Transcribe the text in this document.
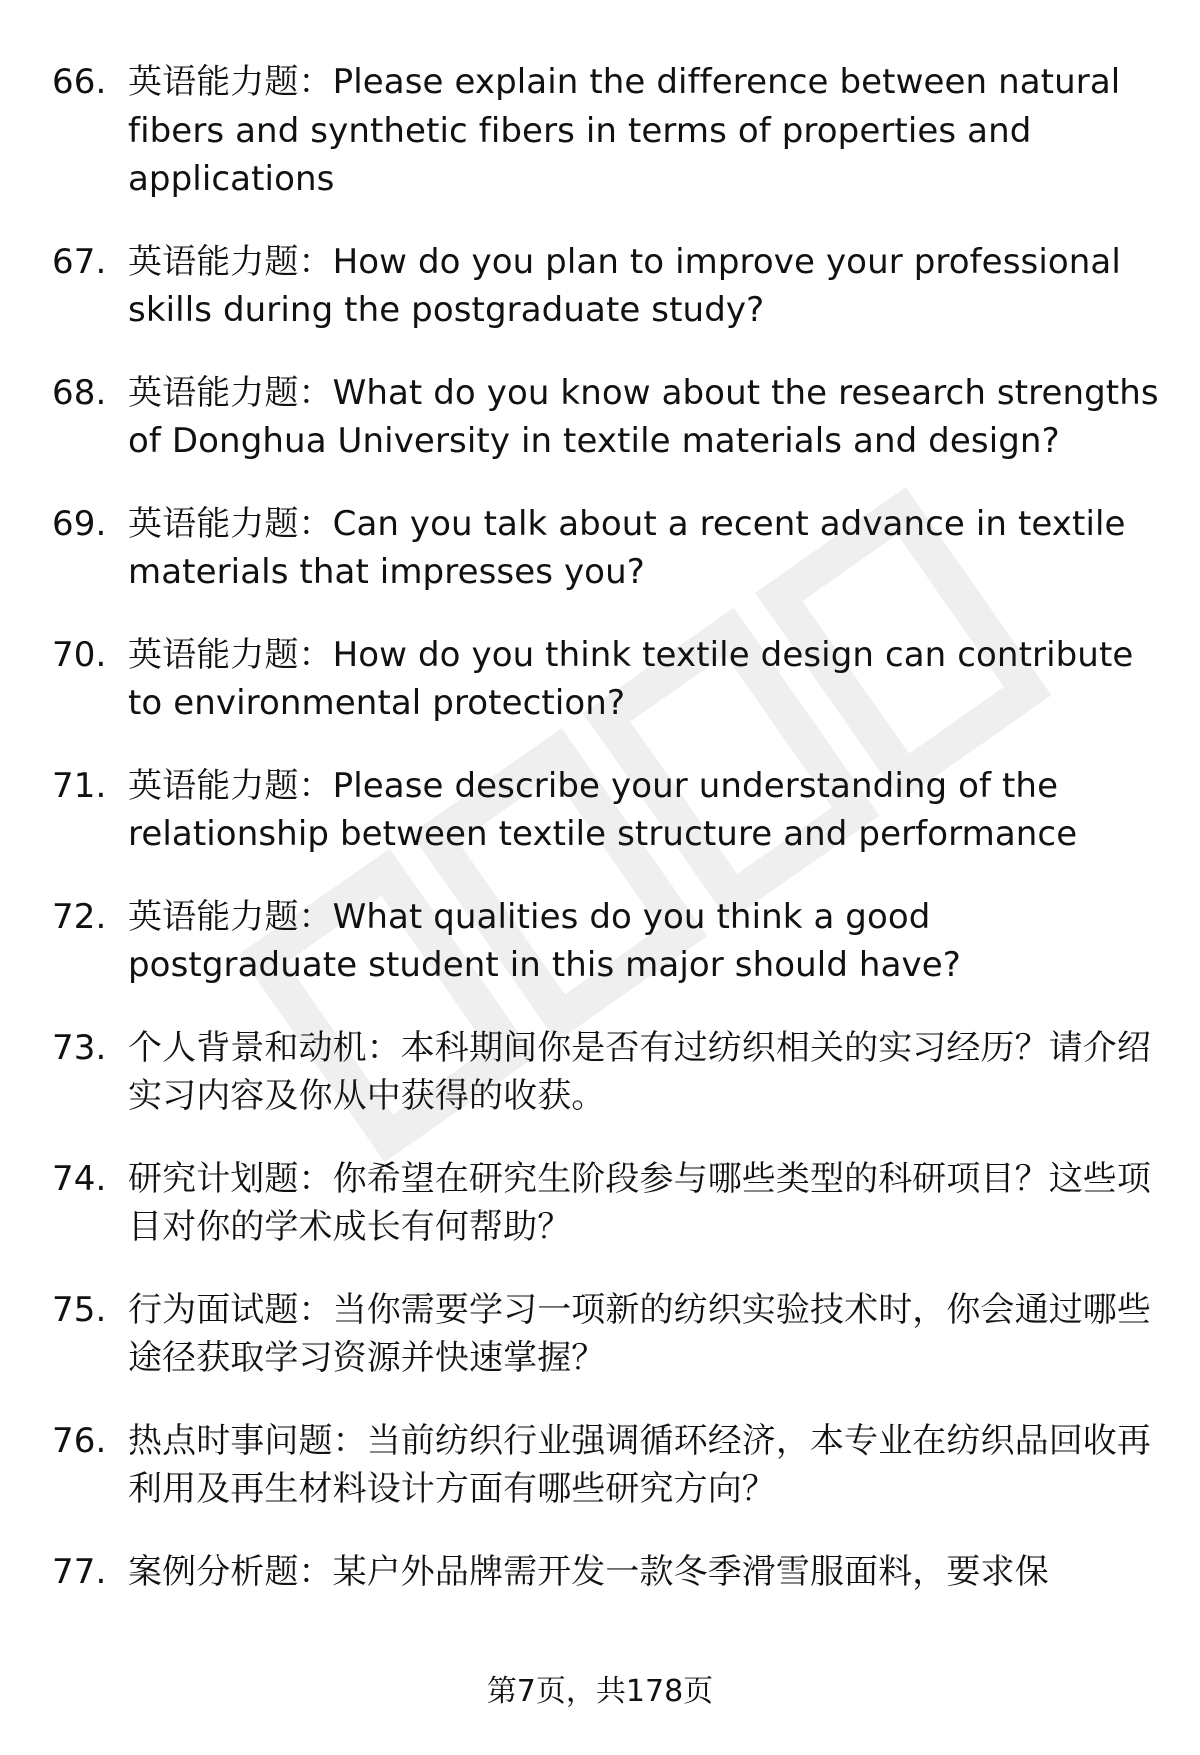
66. 英语能力题：Please explain the difference between natural fibers and synthetic fibers in terms of properties and applications
67. 英语能力题：How do you plan to improve your professional skills during the postgraduate study?
68. 英语能力题：What do you know about the research strengths of Donghua University in textile materials and design?
69. 英语能力题：Can you talk about a recent advance in textile materials that impresses you?
70. 英语能力题：How do you think textile design can contribute to environmental protection?
71. 英语能力题：Please describe your understanding of the relationship between textile structure and performance
72. 英语能力题：What qualities do you think a good postgraduate student in this major should have?
73. 个人背景和动机：本科期间你是否有过纺织相关的实习经历？请介绍实习内容及你从中获得的收获。
74. 研究计划题：你希望在研究生阶段参与哪些类型的科研项目？这些项目对你的学术成长有何帮助？
75. 行为面试题：当你需要学习一项新的纺织实验技术时，你会通过哪些途径获取学习资源并快速掌握？
76. 热点时事问题：当前纺织行业强调循环经济，本专业在纺织品回收再利用及再生材料设计方面有哪些研究方向？
77. 案例分析题：某户外品牌需开发一款冬季滑雪服面料，要求保
第7页，共178页
